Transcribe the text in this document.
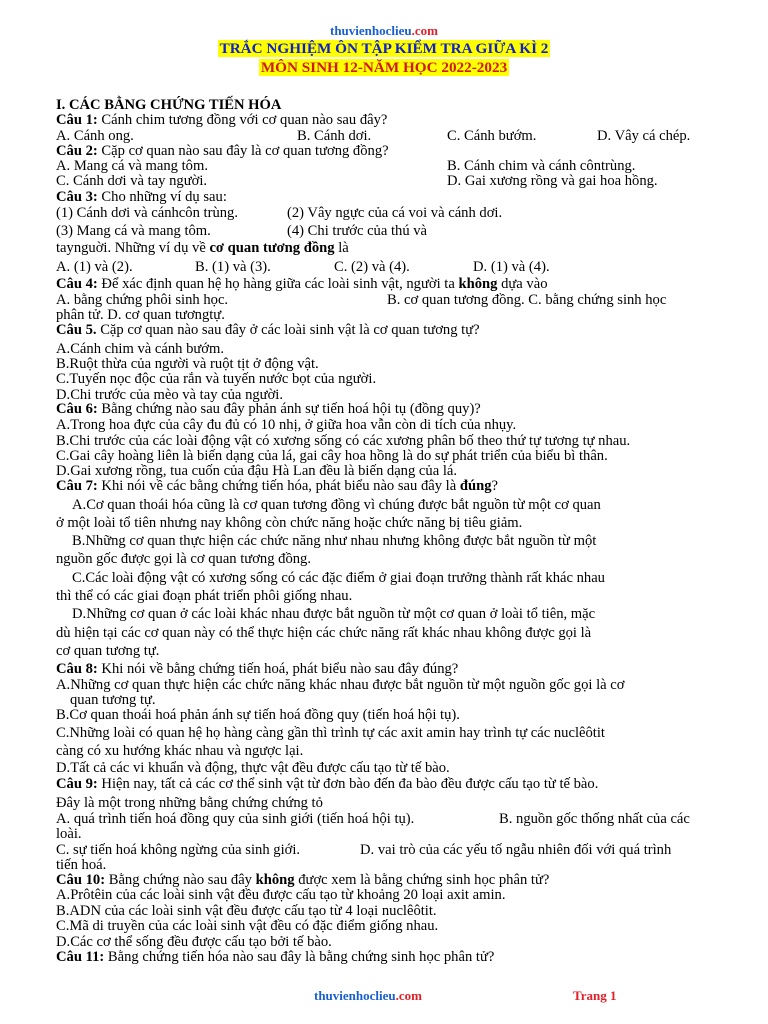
thuvienhoclieu.com
TRẮC NGHIỆM ÔN TẬP KIỂM TRA GIỮA KÌ 2
MÔN SINH 12-NĂM HỌC 2022-2023
I. CÁC BẰNG CHỨNG TIẾN HÓA
Câu 1: Cánh chim tương đồng với cơ quan nào sau đây?
A. Cánh ong.	B. Cánh dơi.	C. Cánh bướm.	D. Vây cá chép.
Câu 2: Cặp cơ quan nào sau đây là cơ quan tương đồng?
A. Mang cá và mang tôm.	B. Cánh chim và cánh côntrùng.
C. Cánh dơi và tay người.	D. Gai xương rồng và gai hoa hồng.
Câu 3: Cho những ví dụ sau:
(1) Cánh dơi và cánhcôn trùng.	(2) Vây ngực của cá voi và cánh dơi.
(3) Mang cá và mang tôm.	(4) Chi trước của thú và
taynguời. Những ví dụ về cơ quan tương đồng là
A. (1) và (2).	B. (1) và (3).	C. (2) và (4).	D. (1) và (4).
Câu 4: Để xác định quan hệ họ hàng giữa các loài sinh vật, người ta không dựa vào
A. bằng chứng phôi sinh học.	B. cơ quan tương đồng. C. bằng chứng sinh học
phân tử. D. cơ quan tươngtự.
Câu 5. Cặp cơ quan nào sau đây ở các loài sinh vật là cơ quan tương tự?
A.Cánh chim và cánh bướm.
B.Ruột thừa của người và ruột tịt ở động vật.
C.Tuyến nọc độc của rắn và tuyến nước bọt của người.
D.Chi trước của mèo và tay của người.
Câu 6: Bằng chứng nào sau đây phản ánh sự tiến hoá hội tụ (đồng quy)?
A.Trong hoa đực của cây đu đủ có 10 nhị, ở giữa hoa vẫn còn di tích của nhụy.
B.Chi trước của các loài động vật có xương sống có các xương phân bố theo thứ tự tương tự nhau.
C.Gai cây hoàng liên là biến dạng của lá, gai cây hoa hồng là do sự phát triển của biểu bì thân.
D.Gai xương rồng, tua cuốn của đậu Hà Lan đều là biến dạng của lá.
Câu 7: Khi nói về các bằng chứng tiến hóa, phát biểu nào sau đây là đúng?
A.Cơ quan thoái hóa cũng là cơ quan tương đồng vì chúng được bắt nguồn từ một cơ quan
ở một loài tổ tiên nhưng nay không còn chức năng hoặc chức năng bị tiêu giảm.
B.Những cơ quan thực hiện các chức năng như nhau nhưng không được bắt nguồn từ một
nguồn gốc được gọi là cơ quan tương đồng.
C.Các loài động vật có xương sống có các đặc điểm ở giai đoạn trưởng thành rất khác nhau
thì thể có các giai đoạn phát triển phôi giống nhau.
D.Những cơ quan ở các loài khác nhau được bắt nguồn từ một cơ quan ở loài tổ tiên, mặc
dù hiện tại các cơ quan này có thể thực hiện các chức năng rất khác nhau không được gọi là
cơ quan tương tự.
Câu 8: Khi nói về bằng chứng tiến hoá, phát biểu nào sau đây đúng?
A.Những cơ quan thực hiện các chức năng khác nhau được bắt nguồn từ một nguồn gốc gọi là cơ
quan tương tự.
B.Cơ quan thoái hoá phản ánh sự tiến hoá đồng quy (tiến hoá hội tụ).
C.Những loài có quan hệ họ hàng càng gần thì trình tự các axit amin hay trình tự các nuclêôtit
càng có xu hướng khác nhau và ngược lại.
D.Tất cả các vi khuẩn và động, thực vật đều được cấu tạo từ tế bào.
Câu 9: Hiện nay, tất cả các cơ thể sinh vật từ đơn bào đến đa bào đều được cấu tạo từ tế bào.
Đây là một trong những bằng chứng chứng tỏ
A. quá trình tiến hoá đồng quy của sinh giới (tiến hoá hội tụ).	B. nguồn gốc thống nhất của các
loài.
C. sự tiến hoá không ngừng của sinh giới.	D. vai trò của các yếu tố ngẫu nhiên đối với quá trình
tiến hoá.
Câu 10: Bằng chứng nào sau đây không được xem là bằng chứng sinh học phân tử?
A.Prôtêin của các loài sinh vật đều được cấu tạo từ khoảng 20 loại axit amin.
B.ADN của các loài sinh vật đều được cấu tạo từ 4 loại nuclêôtit.
C.Mã di truyền của các loài sinh vật đều có đặc điểm giống nhau.
D.Các cơ thể sống đều được cấu tạo bởi tế bào.
Câu 11: Bằng chứng tiến hóa nào sau đây là bằng chứng sinh học phân tử?
thuvienhoclieu.com	Trang 1
